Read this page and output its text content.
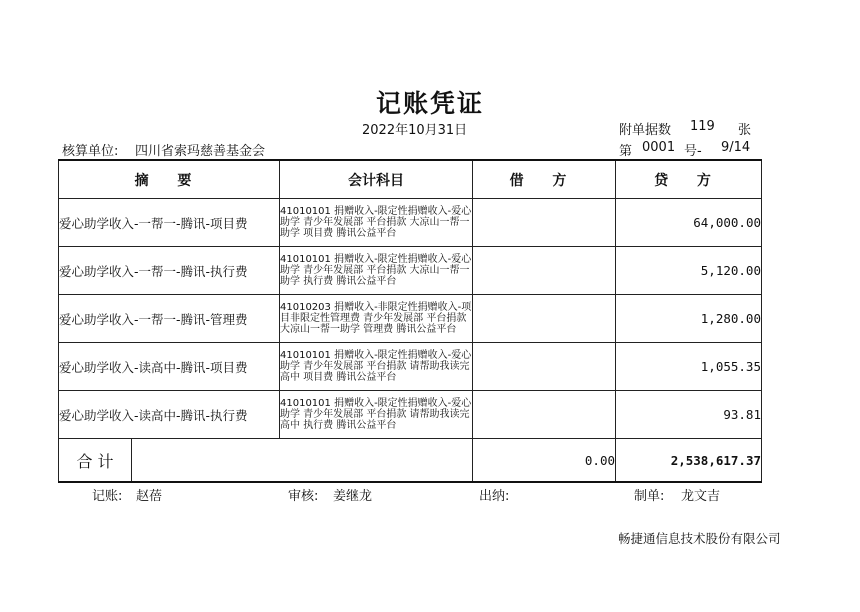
记账凭证
2022年10月31日	附单据数 119 张
核算单位: 四川省索玛慈善基金会	第 0001 号- 9/14
摘 要	会计科目	借 方	贷 方
爱心助学收入-一帮一-腾讯-项目费	41010101 捐赠收入-限定性捐赠收入-爱心助学 青少年发展部 平台捐款 大凉山一帮一助学 项目费 腾讯公益平台		64,000.00
爱心助学收入-一帮一-腾讯-执行费	41010101 捐赠收入-限定性捐赠收入-爱心助学 青少年发展部 平台捐款 大凉山一帮一助学 执行费 腾讯公益平台		5,120.00
爱心助学收入-一帮一-腾讯-管理费	41010203 捐赠收入-非限定性捐赠收入-项目非限定性管理费 青少年发展部 平台捐款 大凉山一帮一助学 管理费 腾讯公益平台		1,280.00
爱心助学收入-读高中-腾讯-项目费	41010101 捐赠收入-限定性捐赠收入-爱心助学 青少年发展部 平台捐款 请帮助我读完高中 项目费 腾讯公益平台		1,055.35
爱心助学收入-读高中-腾讯-执行费	41010101 捐赠收入-限定性捐赠收入-爱心助学 青少年发展部 平台捐款 请帮助我读完高中 执行费 腾讯公益平台		93.81

合 计		0.00	2,538,617.37
记账: 赵蓓	审核: 姜继龙	出纳:	制单: 龙文吉
畅捷通信息技术股份有限公司
